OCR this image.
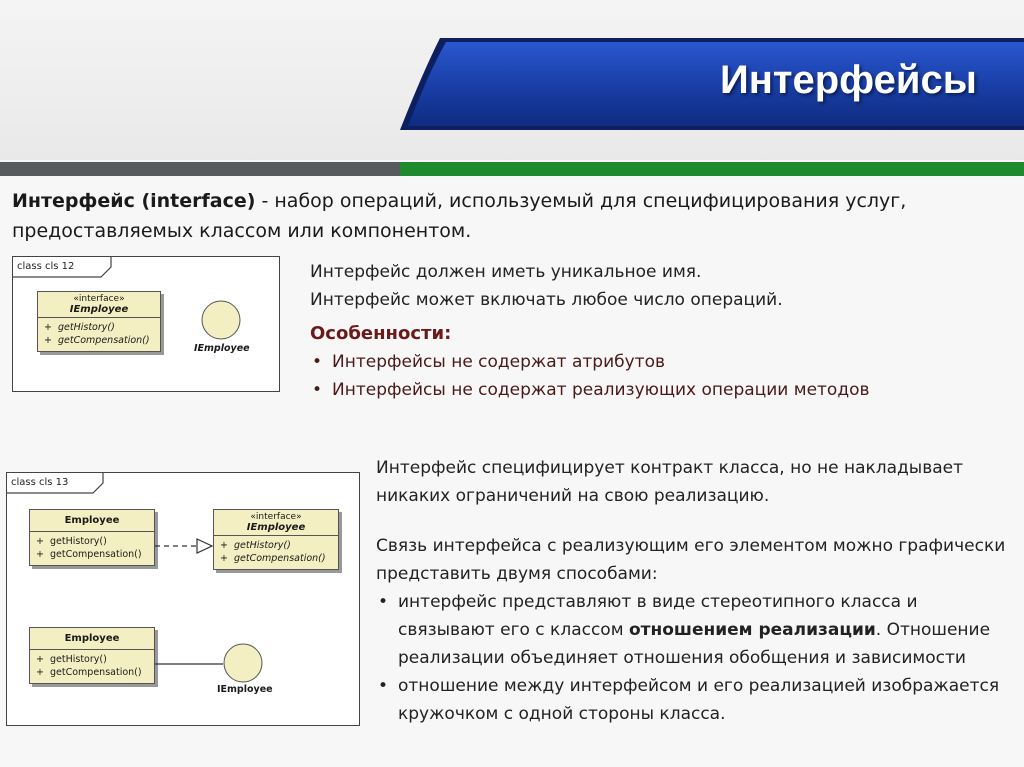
Интерфейсы
Интерфейс (interface) - набор операций, используемый для специфицирования услуг, предоставляемых классом или компонентом.
class cls 12
«interface»
IEmployee
+ getHistory()
+ getCompensation()
IEmployee

Интерфейс должен иметь уникальное имя.

Интерфейс может включать любое число операций.

Особенности:

• Интерфейсы не содержат атрибутов
• Интерфейсы не содержат реализующих операции методов
class cls 13
Employee
+ getHistory()
+ getCompensation()
«interface»
IEmployee
+ getHistory()
+ getCompensation()
Employee
+ getHistory()
+ getCompensation()
IEmployee

Интерфейс специфицирует контракт класса, но не накладывает никаких ограничений на свою реализацию.

Связь интерфейса с реализующим его элементом можно графически представить двумя способами:

• интерфейс представляют в виде стереотипного класса и связывают его с классом отношением реализации. Отношение реализации объединяет отношения обобщения и зависимости
• отношение между интерфейсом и его реализацией изображается кружочком с одной стороны класса.
